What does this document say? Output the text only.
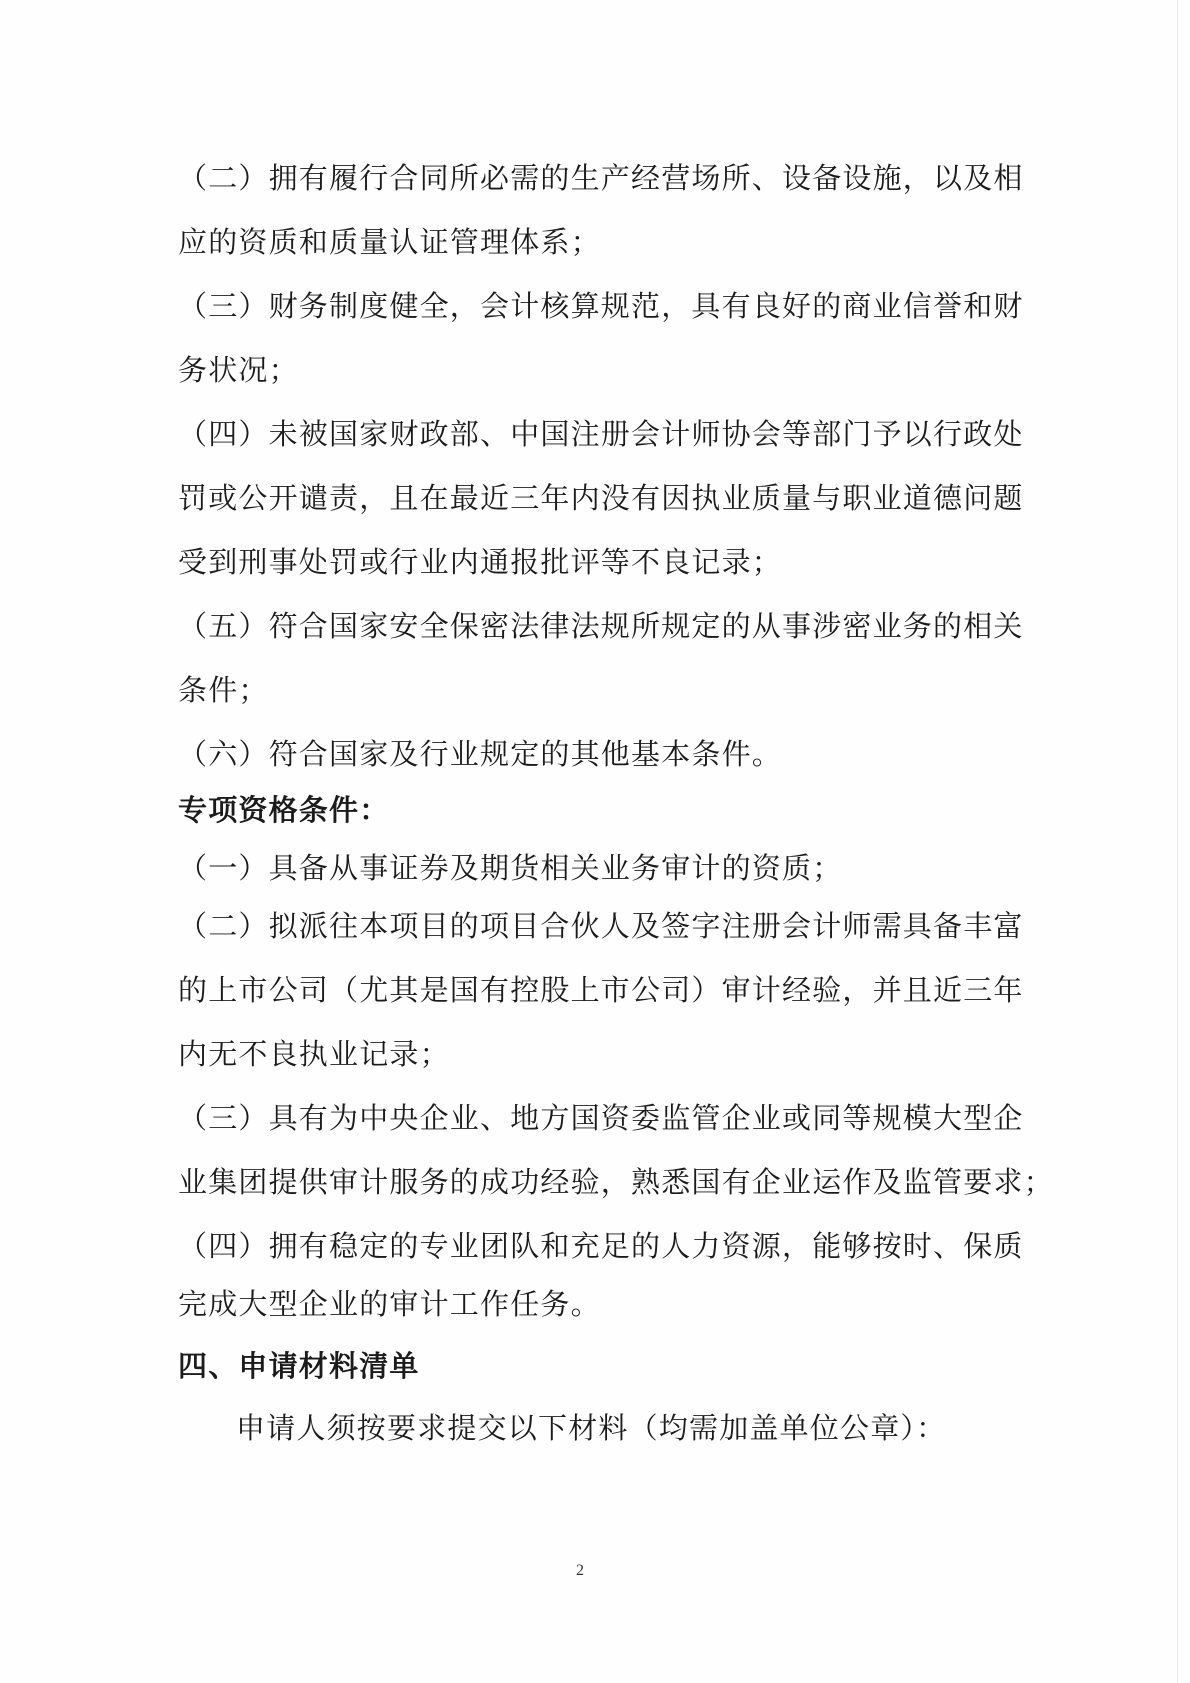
（二）拥有履行合同所必需的生产经营场所、设备设施，以及相
应的资质和质量认证管理体系；
（三）财务制度健全，会计核算规范，具有良好的商业信誉和财
务状况；
（四）未被国家财政部、中国注册会计师协会等部门予以行政处
罚或公开谴责，且在最近三年内没有因执业质量与职业道德问题
受到刑事处罚或行业内通报批评等不良记录；
（五）符合国家安全保密法律法规所规定的从事涉密业务的相关
条件；
（六）符合国家及行业规定的其他基本条件。
专项资格条件：
（一）具备从事证券及期货相关业务审计的资质；
（二）拟派往本项目的项目合伙人及签字注册会计师需具备丰富
的上市公司（尤其是国有控股上市公司）审计经验，并且近三年
内无不良执业记录；
（三）具有为中央企业、地方国资委监管企业或同等规模大型企
业集团提供审计服务的成功经验，熟悉国有企业运作及监管要求；
（四）拥有稳定的专业团队和充足的人力资源，能够按时、保质
完成大型企业的审计工作任务。
四、申请材料清单
申请人须按要求提交以下材料（均需加盖单位公章）：
2
